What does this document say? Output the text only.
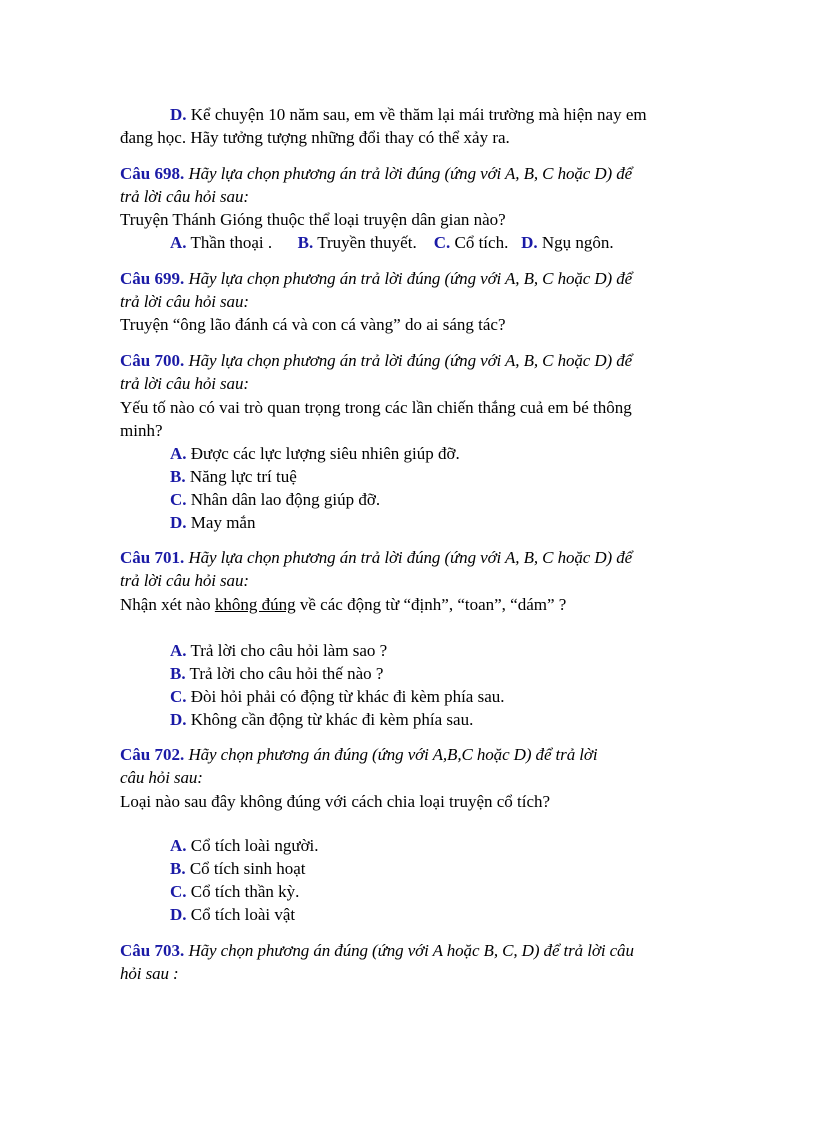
D. Kể chuyện 10 năm sau, em về thăm lại mái trường mà hiện nay em
đang học. Hãy tưởng tượng những đổi thay có thể xảy ra.
Câu 698. Hãy lựa chọn phương án trả lời đúng (ứng với A, B, C hoặc D) để
trả lời câu hỏi sau:
Truyện Thánh Gióng thuộc thể loại truyện dân gian nào?
A. Thần thoại . B. Truyền thuyết. C. Cổ tích. D. Ngụ ngôn.
Câu 699. Hãy lựa chọn phương án trả lời đúng (ứng với A, B, C hoặc D) để
trả lời câu hỏi sau:
Truyện “ông lão đánh cá và con cá vàng” do ai sáng tác?
Câu 700. Hãy lựa chọn phương án trả lời đúng (ứng với A, B, C hoặc D) để
trả lời câu hỏi sau:
Yếu tố nào có vai trò quan trọng trong các lần chiến thắng cuả em bé thông
minh?
A. Được các lực lượng siêu nhiên giúp đỡ.
B. Năng lực trí tuệ
C. Nhân dân lao động giúp đỡ.
D. May mắn
Câu 701. Hãy lựa chọn phương án trả lời đúng (ứng với A, B, C hoặc D) để
trả lời câu hỏi sau:
Nhận xét nào không đúng về các động từ “định”, “toan”, “dám” ?
A. Trả lời cho câu hỏi làm sao ?
B. Trả lời cho câu hỏi thế nào ?
C. Đòi hỏi phải có động từ khác đi kèm phía sau.
D. Không cần động từ khác đi kèm phía sau.
Câu 702. Hãy chọn phương án đúng (ứng với A,B,C hoặc D) để trả lời
câu hỏi sau:
Loại nào sau đây không đúng với cách chia loại truyện cổ tích?
A. Cổ tích loài người.
B. Cổ tích sinh hoạt
C. Cổ tích thần kỳ.
D. Cổ tích loài vật
Câu 703. Hãy chọn phương án đúng (ứng với A hoặc B, C, D) để trả lời câu
hỏi sau :
